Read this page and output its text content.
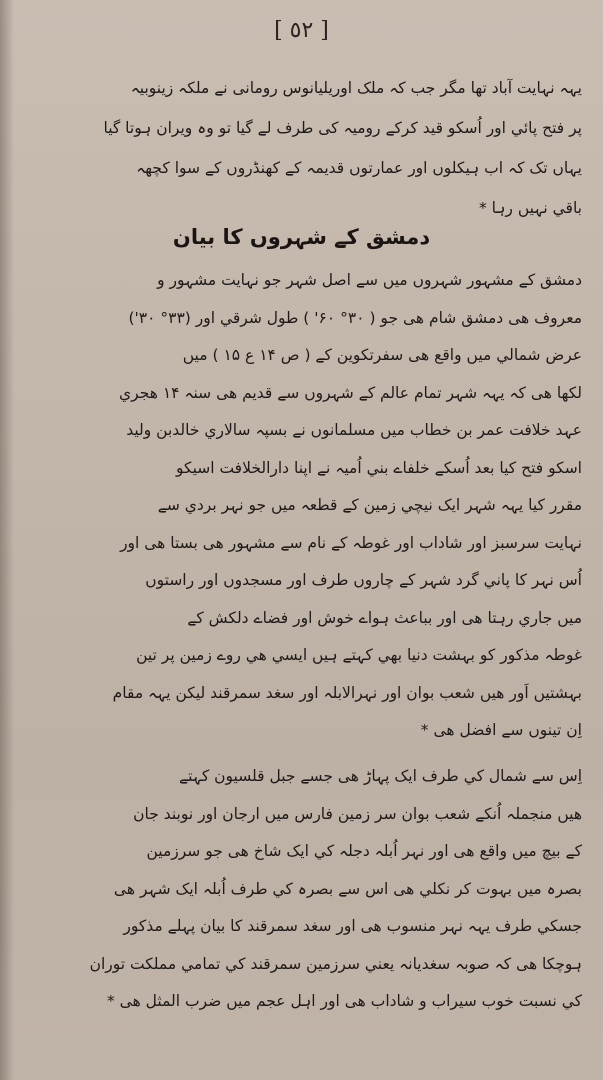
[ ٥٢ ]
یہہ نہایت آباد تھا مگر جب کہ ملک اوریلیانوس رومانی نے ملکہ زینوبیہ
پر فتح پائي اور اُسکو قید کرکے رومیہ کی طرف لے گیا تو وہ ویران ہوتا گیا
یہاں تک کہ اب ہیکلوں اور عمارتوں قدیمہ کے کھنڈروں کے سوا کچھہ
باقي نہیں رہا *
دمشق کے شہروں کا بیان
دمشق کے مشہور شہروں میں سے اصل شہر جو نہایت مشہور و
معروف هی دمشق شام هی جو ( ۳۰° ۶۰' ) طول شرقي اور (۳۳° ۳۰')
عرض شمالي میں واقع هی سفرتکوین کے ( ص ۱۴ ع ۱۵ ) میں
لکھا هی کہ یہہ شہر تمام عالم کے شہروں سے قدیم هی سنہ ۱۴ هجري
عہد خلافت عمر بن خطاب میں مسلمانوں نے بسپہ سالاري خالدبن ولید
اسکو فتح کیا بعد اُسکے خلفاے بني اُمیہ نے اپنا دارالخلافت اسیکو
مقرر کیا یہہ شہر ایک نیچي زمین کے قطعہ میں جو نہر بردي سے
نہایت سرسبز اور شاداب اور غوطہ کے نام سے مشہور هی بستا هی اور
اُس نہر کا پاني گرد شہر کے چاروں طرف اور مسجدوں اور راستوں
میں جاري رہتا هی اور بباعث ہواے خوش اور فضاے دلکش کے
غوطہ مذکور کو بہشت دنیا بھي کہتے ہیں ایسي هي روے زمین پر تین
بہشتیں اَور هیں شعب بوان اور نہرالابلہ اور سغد سمرقند لیکن یہہ مقام
اِن تینوں سے افضل هی *
اِس سے شمال کي طرف ایک پہاڑ هی جسے جبل قلسیون کہتے
هیں منجملہ اُنکے شعب بوان سر زمین فارس میں ارجان اور نوبند جان
کے بیچ میں واقع هی اور نہر اُبلہ دجلہ کي ایک شاخ هی جو سرزمین
بصرہ میں بہوت کر نکلي هی اس سے بصرہ کي طرف اُبلہ ایک شہر هی
جسکي طرف یہہ نہر منسوب هی اور سغد سمرقند کا بیان پہلے مذکور
ہوچکا هی کہ صوبہ سغدیانہ یعني سرزمین سمرقند کي تمامي مملکت توران
کي نسبت خوب سیراب و شاداب هی اور اہل عجم میں ضرب المثل هی *
